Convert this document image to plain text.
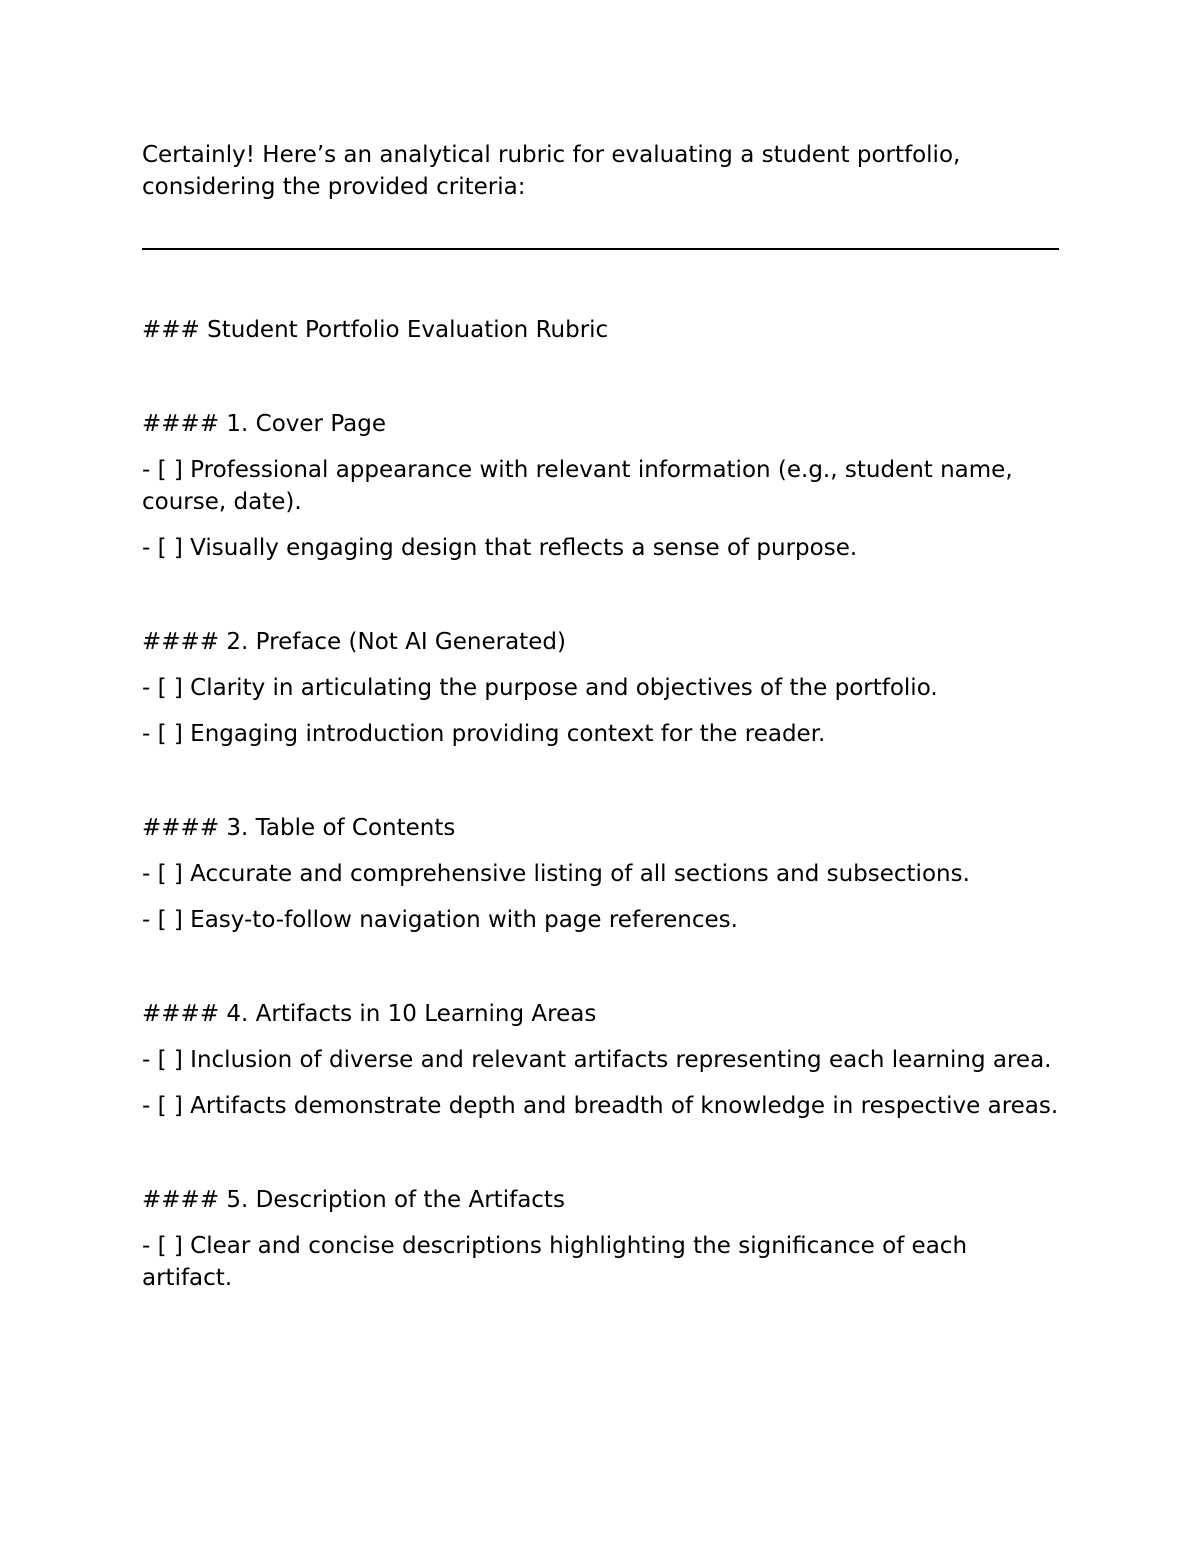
Certainly! Here’s an analytical rubric for evaluating a student portfolio, considering the provided criteria:

### Student Portfolio Evaluation Rubric

#### 1. Cover Page

- [ ] Professional appearance with relevant information (e.g., student name, course, date).

- [ ] Visually engaging design that reflects a sense of purpose.

#### 2. Preface (Not AI Generated)

- [ ] Clarity in articulating the purpose and objectives of the portfolio.

- [ ] Engaging introduction providing context for the reader.

#### 3. Table of Contents

- [ ] Accurate and comprehensive listing of all sections and subsections.

- [ ] Easy-to-follow navigation with page references.

#### 4. Artifacts in 10 Learning Areas

- [ ] Inclusion of diverse and relevant artifacts representing each learning area.

- [ ] Artifacts demonstrate depth and breadth of knowledge in respective areas.

#### 5. Description of the Artifacts

- [ ] Clear and concise descriptions highlighting the significance of each artifact.
